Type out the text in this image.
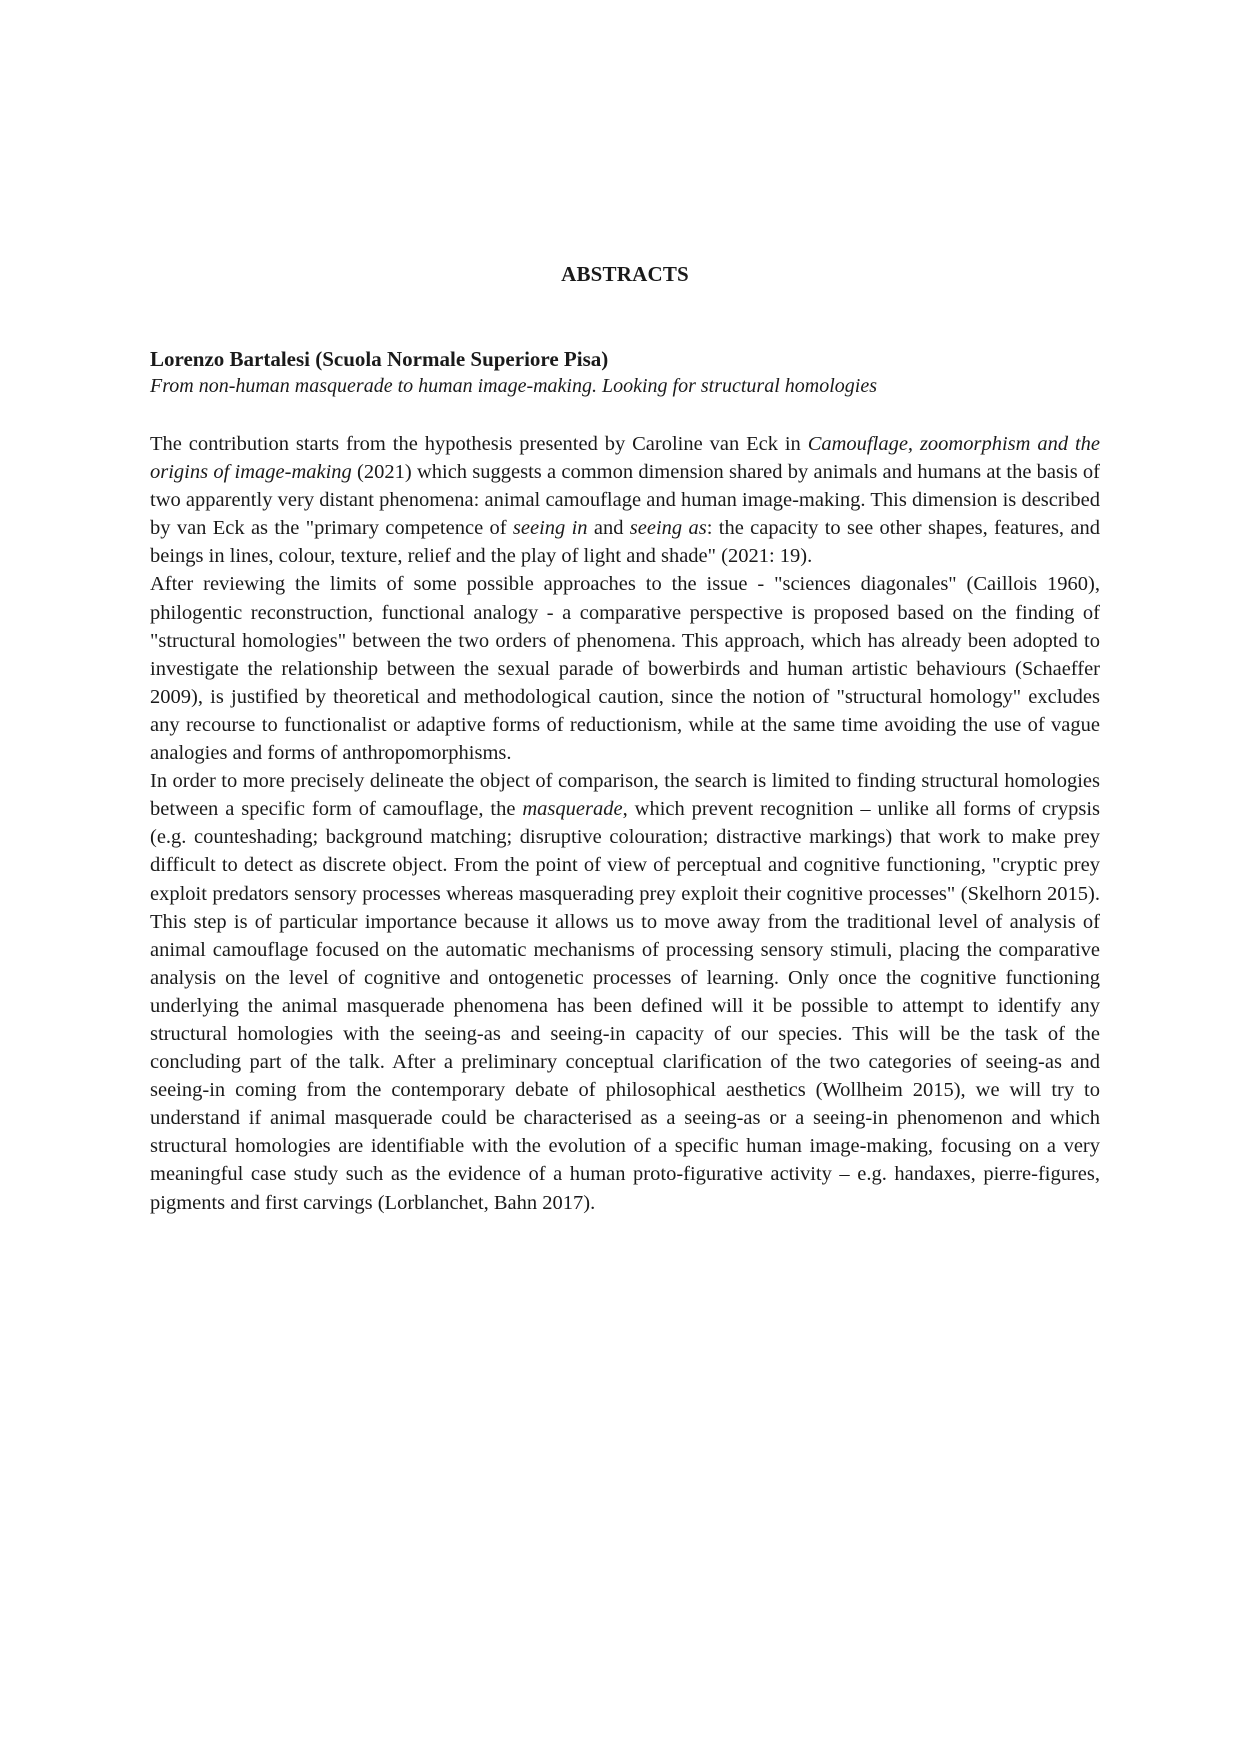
ABSTRACTS
Lorenzo Bartalesi (Scuola Normale Superiore Pisa)
From non-human masquerade to human image-making. Looking for structural homologies

The contribution starts from the hypothesis presented by Caroline van Eck in Camouflage, zoomorphism and the origins of image-making (2021) which suggests a common dimension shared by animals and humans at the basis of two apparently very distant phenomena: animal camouflage and human image-making. This dimension is described by van Eck as the "primary competence of seeing in and seeing as: the capacity to see other shapes, features, and beings in lines, colour, texture, relief and the play of light and shade" (2021: 19).

After reviewing the limits of some possible approaches to the issue - "sciences diagonales" (Caillois 1960), philogentic reconstruction, functional analogy - a comparative perspective is proposed based on the finding of "structural homologies" between the two orders of phenomena. This approach, which has already been adopted to investigate the relationship between the sexual parade of bowerbirds and human artistic behaviours (Schaeffer 2009), is justified by theoretical and methodological caution, since the notion of "structural homology" excludes any recourse to functionalist or adaptive forms of reductionism, while at the same time avoiding the use of vague analogies and forms of anthropomorphisms.

In order to more precisely delineate the object of comparison, the search is limited to finding structural homologies between a specific form of camouflage, the masquerade, which prevent recognition – unlike all forms of crypsis (e.g. counteshading; background matching; disruptive colouration; distractive markings) that work to make prey difficult to detect as discrete object. From the point of view of perceptual and cognitive functioning, "cryptic prey exploit predators sensory processes whereas masquerading prey exploit their cognitive processes" (Skelhorn 2015). This step is of particular importance because it allows us to move away from the traditional level of analysis of animal camouflage focused on the automatic mechanisms of processing sensory stimuli, placing the comparative analysis on the level of cognitive and ontogenetic processes of learning. Only once the cognitive functioning underlying the animal masquerade phenomena has been defined will it be possible to attempt to identify any structural homologies with the seeing-as and seeing-in capacity of our species. This will be the task of the concluding part of the talk. After a preliminary conceptual clarification of the two categories of seeing-as and seeing-in coming from the contemporary debate of philosophical aesthetics (Wollheim 2015), we will try to understand if animal masquerade could be characterised as a seeing-as or a seeing-in phenomenon and which structural homologies are identifiable with the evolution of a specific human image-making, focusing on a very meaningful case study such as the evidence of a human proto-figurative activity – e.g. handaxes, pierre-figures, pigments and first carvings (Lorblanchet, Bahn 2017).
